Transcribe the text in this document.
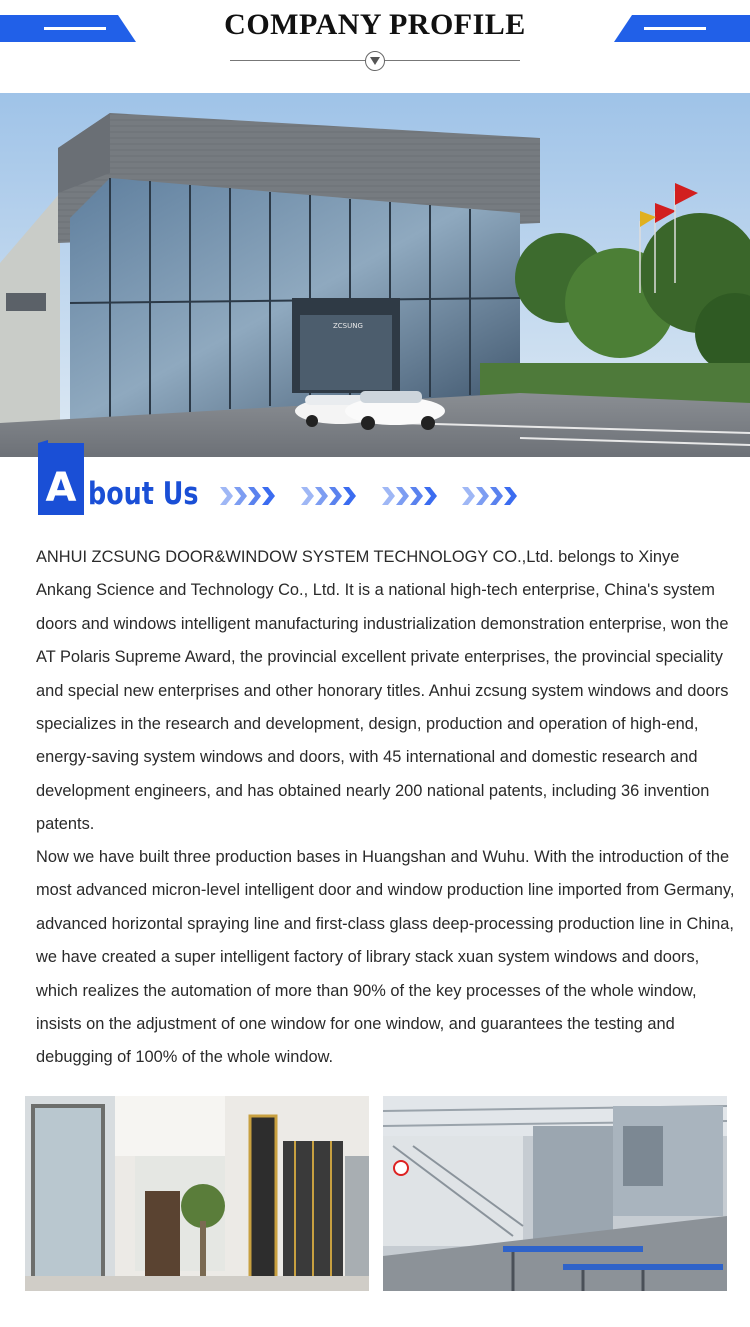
COMPANY PROFILE
ZCSUNG
A bout Us

ANHUI ZCSUNG DOOR&WINDOW SYSTEM TECHNOLOGY CO.,Ltd. belongs to Xinye Ankang Science and Technology Co., Ltd. It is a national high-tech enterprise, China's system doors and windows intelligent manufacturing industrialization demonstration enterprise, won the AT Polaris Supreme Award, the provincial excellent private enterprises, the provincial speciality and special new enterprises and other honorary titles. Anhui zcsung system windows and doors specializes in the research and development, design, production and operation of high-end, energy-saving system windows and doors, with 45 international and domestic research and development engineers, and has obtained nearly 200 national patents, including 36 invention patents.

Now we have built three production bases in Huangshan and Wuhu. With the introduction of the most advanced micron-level intelligent door and window production line imported from Germany, advanced horizontal spraying line and first-class glass deep-processing production line in China, we have created a super intelligent factory of library stack xuan system windows and doors, which realizes the automation of more than 90% of the key processes of the whole window, insists on the adjustment of one window for one window, and guarantees the testing and debugging of 100% of the whole window.
